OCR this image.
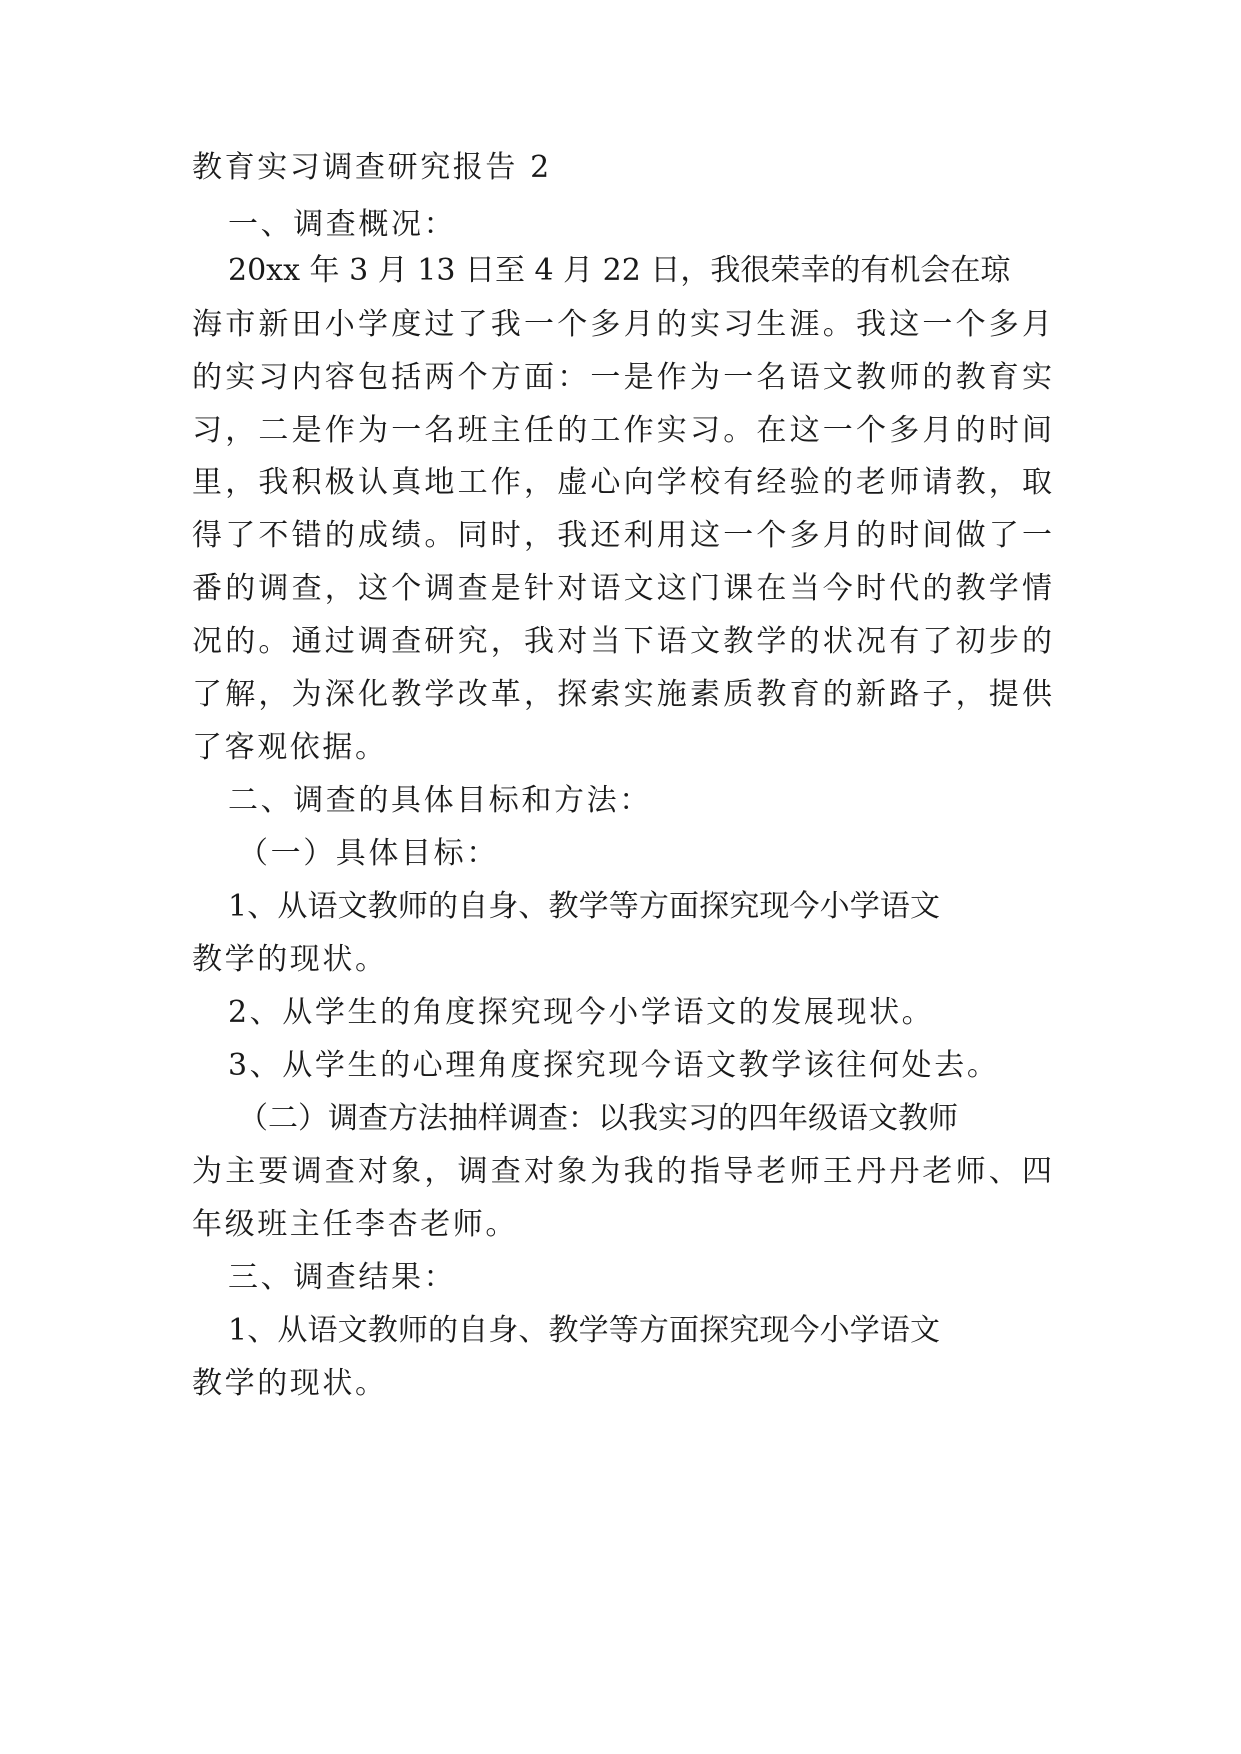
教育实习调查研究报告 2
一、调查概况：
20xx 年 3 月 13 日至 4 月 22 日，我很荣幸的有机会在琼
海市新田小学度过了我一个多月的实习生涯。我这一个多月
的实习内容包括两个方面：一是作为一名语文教师的教育实
习，二是作为一名班主任的工作实习。在这一个多月的时间
里，我积极认真地工作，虚心向学校有经验的老师请教，取
得了不错的成绩。同时，我还利用这一个多月的时间做了一
番的调查，这个调查是针对语文这门课在当今时代的教学情
况的。通过调查研究，我对当下语文教学的状况有了初步的
了解，为深化教学改革，探索实施素质教育的新路子，提供
了客观依据。
二、调查的具体目标和方法：
（一）具体目标：
1、从语文教师的自身、教学等方面探究现今小学语文
教学的现状。
2、从学生的角度探究现今小学语文的发展现状。
3、从学生的心理角度探究现今语文教学该往何处去。
（二）调查方法抽样调查：以我实习的四年级语文教师
为主要调查对象，调查对象为我的指导老师王丹丹老师、四
年级班主任李杏老师。
三、调查结果：
1、从语文教师的自身、教学等方面探究现今小学语文
教学的现状。
